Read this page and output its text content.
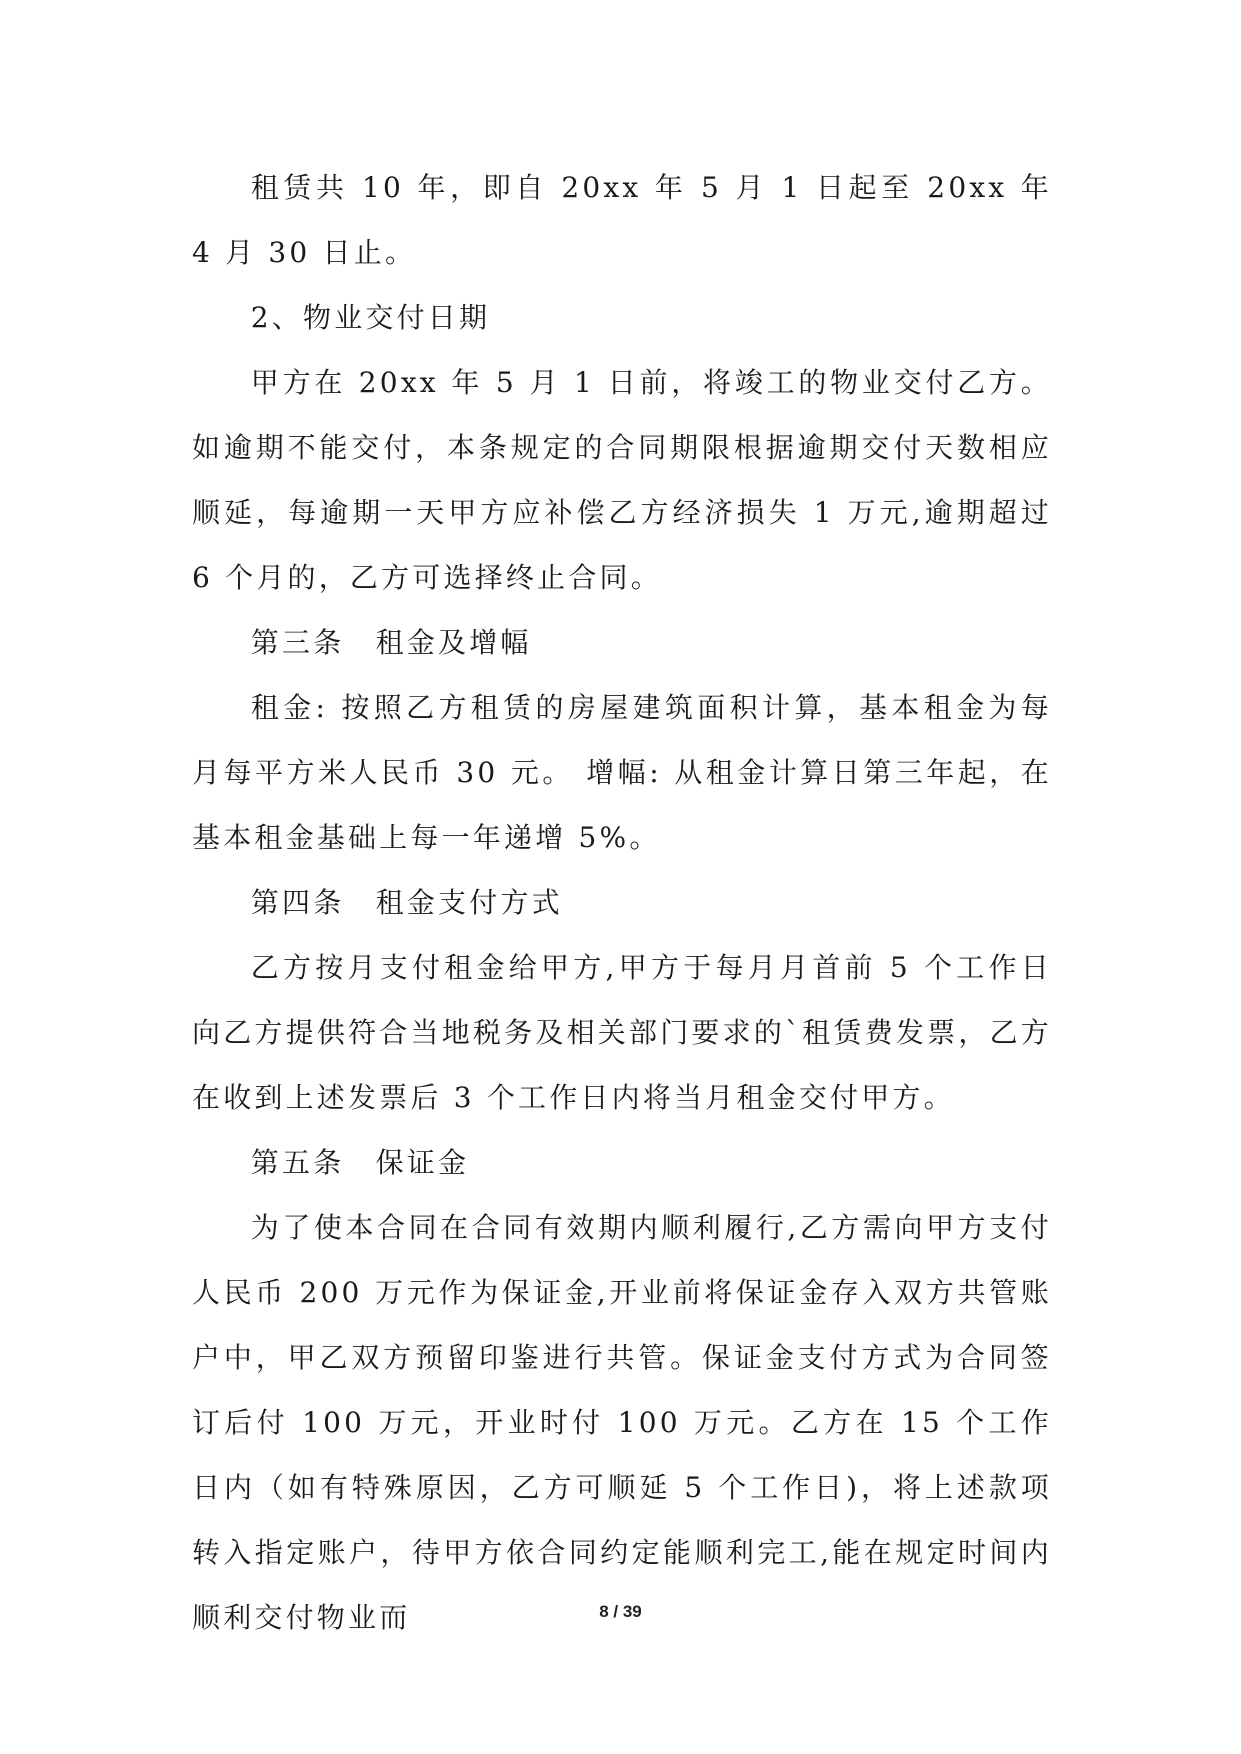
租赁共 10 年，即自 20xx 年 5 月 1 日起至 20xx 年 4 月 30 日止。

2、物业交付日期

甲方在 20xx 年 5 月 1 日前，将竣工的物业交付乙方。如逾期不能交付，本条规定的合同期限根据逾期交付天数相应顺延，每逾期一天甲方应补偿乙方经济损失 1 万元,逾期超过 6 个月的，乙方可选择终止合同。

第三条　租金及增幅

租金: 按照乙方租赁的房屋建筑面积计算，基本租金为每月每平方米人民币 30 元。 增幅: 从租金计算日第三年起，在基本租金基础上每一年递增 5%。

第四条　租金支付方式

乙方按月支付租金给甲方,甲方于每月月首前 5 个工作日向乙方提供符合当地税务及相关部门要求的`租赁费发票，乙方在收到上述发票后 3 个工作日内将当月租金交付甲方。

第五条　保证金

为了使本合同在合同有效期内顺利履行,乙方需向甲方支付人民币 200 万元作为保证金,开业前将保证金存入双方共管账户中，甲乙双方预留印鉴进行共管。保证金支付方式为合同签订后付 100 万元，开业时付 100 万元。乙方在 15 个工作日内（如有特殊原因，乙方可顺延 5 个工作日)，将上述款项转入指定账户，待甲方依合同约定能顺利完工,能在规定时间内顺利交付物业而	8 / 39
